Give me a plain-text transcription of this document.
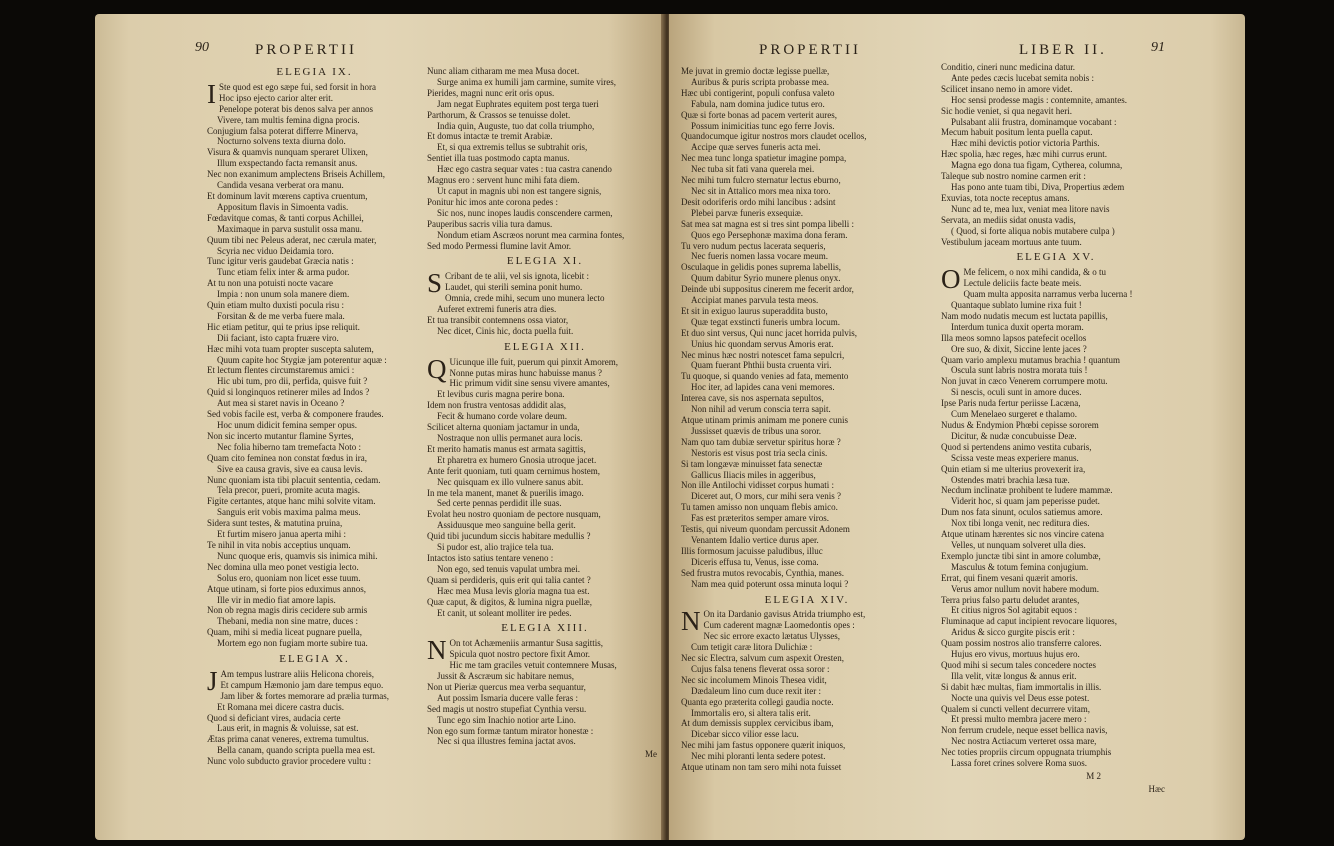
90	PROPERTII
ELEGIA IX.
I Ste quod est ego sæpe fui, sed forsit in hora
Hoc ipso ejecto carior alter erit.
Penelope poterat bis denos salva per annos
Vivere, tam multis femina digna procis.
Conjugium falsa poterat differre Minerva,
Nocturno solvens texta diurna dolo.
Visura & quamvis nunquam speraret Ulixen,
Illum exspectando facta remansit anus.
Nec non exanimum amplectens Briseis Achillem,
Candida vesana verberat ora manu.
Et dominum lavit mœrens captiva cruentum,
Appositum flavis in Simoenta vadis.
Fœdavitque comas, & tanti corpus Achillei,
Maximaque in parva sustulit ossa manu.
Quum tibi nec Peleus aderat, nec cærula mater,
Scyria nec viduo Deidamia toro.
Tunc igitur veris gaudebat Græcia natis :
Tunc etiam felix inter & arma pudor.
At tu non una potuisti nocte vacare
Impia : non unum sola manere diem.
Quin etiam multo duxisti pocula risu :
Forsitan & de me verba fuere mala.
Hic etiam petitur, qui te prius ipse reliquit.
Dii faciant, isto capta fruære viro.
Hæc mihi vota tuam propter suscepta salutem,
Quum capite hoc Stygiæ jam poterentur aquæ :
Et lectum flentes circumstaremus amici :
Hic ubi tum, pro dii, perfida, quisve fuit ?
Quid si longinquos retinerer miles ad Indos ?
Aut mea si staret navis in Oceano ?
Sed vobis facile est, verba & componere fraudes.
Hoc unum didicit femina semper opus.
Non sic incerto mutantur flamine Syrtes,
Nec folia hiberno tam tremefacta Noto :
Quam cito feminea non constat fœdus in ira,
Sive ea causa gravis, sive ea causa levis.
Nunc quoniam ista tibi placuit sententia, cedam.
Tela precor, pueri, promite acuta magis.
Figite certantes, atque hanc mihi solvite vitam.
Sanguis erit vobis maxima palma meus.
Sidera sunt testes, & matutina pruina,
Et furtim misero janua aperta mihi :
Te nihil in vita nobis acceptius unquam.
Nunc quoque eris, quamvis sis inimica mihi.
Nec domina ulla meo ponet vestigia lecto.
Solus ero, quoniam non licet esse tuum.
Atque utinam, si forte pios eduximus annos,
Ille vir in medio fiat amore lapis.
Non ob regna magis diris cecidere sub armis
Thebani, media non sine matre, duces :
Quam, mihi si media liceat pugnare puella,
Mortem ego non fugiam morte subire tua.
ELEGIA X.
J Am tempus lustrare aliis Helicona choreis,
Et campum Hæmonio jam dare tempus equo.
Jam liber & fortes memorare ad prælia turmas,
Et Romana mei dicere castra ducis.
Quod si deficiant vires, audacia certe
Laus erit, in magnis & voluisse, sat est.
Ætas prima canat veneres, extrema tumultus.
Bella canam, quando scripta puella mea est.
Nunc volo subducto gravior procedere vultu :
Nunc aliam citharam me mea Musa docet.
Surge anima ex humili jam carmine, sumite vires,
Pierides, magni nunc erit oris opus.
Jam negat Euphrates equitem post terga tueri
Parthorum, & Crassos se tenuisse dolet.
India quin, Auguste, tuo dat colla triumpho,
Et domus intactæ te tremit Arabiæ.
Et, si qua extremis tellus se subtrahit oris,
Sentiet illa tuas postmodo capta manus.
Hæc ego castra sequar vates : tua castra canendo
Magnus ero : servent hunc mihi fata diem.
Ut caput in magnis ubi non est tangere signis,
Ponitur hic imos ante corona pedes :
Sic nos, nunc inopes laudis conscendere carmen,
Pauperibus sacris vilia tura damus.
Nondum etiam Ascræos norunt mea carmina fontes,
Sed modo Permessi flumine lavit Amor.
ELEGIA XI.
S Cribant de te alii, vel sis ignota, licebit :
Laudet, qui sterili semina ponit humo.
Omnia, crede mihi, secum uno munera lecto
Auferet extremi funeris atra dies.
Et tua transibit contemnens ossa viator,
Nec dicet, Cinis hic, docta puella fuit.
ELEGIA XII.
Q Uicunque ille fuit, puerum qui pinxit Amorem,
Nonne putas miras hunc habuisse manus ?
Hic primum vidit sine sensu vivere amantes,
Et levibus curis magna perire bona.
Idem non frustra ventosas addidit alas,
Fecit & humano corde volare deum.
Scilicet alterna quoniam jactamur in unda,
Nostraque non ullis permanet aura locis.
Et merito hamatis manus est armata sagittis,
Et pharetra ex humero Gnosia utroque jacet.
Ante ferit quoniam, tuti quam cernimus hostem,
Nec quisquam ex illo vulnere sanus abit.
In me tela manent, manet & puerilis imago.
Sed certe pennas perdidit ille suas.
Evolat heu nostro quoniam de pectore nusquam,
Assiduusque meo sanguine bella gerit.
Quid tibi jucundum siccis habitare medullis ?
Si pudor est, alio trajice tela tua.
Intactos isto satius tentare veneno :
Non ego, sed tenuis vapulat umbra mei.
Quam si perdideris, quis erit qui talia cantet ?
Hæc mea Musa levis gloria magna tua est.
Quæ caput, & digitos, & lumina nigra puellæ,
Et canit, ut soleant molliter ire pedes.
ELEGIA XIII.
N On tot Achæmeniis armantur Susa sagittis,
Spicula quot nostro pectore fixit Amor.
Hic me tam graciles vetuit contemnere Musas,
Jussit & Ascræum sic habitare nemus,
Non ut Pieriæ quercus mea verba sequantur,
Aut possim Ismaria ducere valle feras :
Sed magis ut nostro stupefiat Cynthia versu.
Tunc ego sim Inachio notior arte Lino.
Non ego sum formæ tantum mirator honestæ :
Nec si qua illustres femina jactat avos.
Me
PROPERTII	LIBER II.	91
Me juvat in gremio doctæ legisse puellæ,
Auribus & puris scripta probasse mea.
Hæc ubi contigerint, populi confusa valeto
Fabula, nam domina judice tutus ero.
Quæ si forte bonas ad pacem verterit aures,
Possum inimicitias tunc ego ferre Jovis.
Quandocumque igitur nostros mors claudet ocellos,
Accipe quæ serves funeris acta mei.
Nec mea tunc longa spatietur imagine pompa,
Nec tuba sit fati vana querela mei.
Nec mihi tum fulcro sternatur lectus eburno,
Nec sit in Attalico mors mea nixa toro.
Desit odoriferis ordo mihi lancibus : adsint
Plebei parvæ funeris exsequiæ.
Sat mea sat magna est si tres sint pompa libelli :
Quos ego Persephonæ maxima dona feram.
Tu vero nudum pectus lacerata sequeris,
Nec fueris nomen lassa vocare meum.
Osculaque in gelidis pones suprema labellis,
Quum dabitur Syrio munere plenus onyx.
Deinde ubi suppositus cinerem me fecerit ardor,
Accipiat manes parvula testa meos.
Et sit in exiguo laurus superaddita busto,
Quæ tegat exstincti funeris umbra locum.
Et duo sint versus, Qui nunc jacet horrida pulvis,
Unius hic quondam servus Amoris erat.
Nec minus hæc nostri notescet fama sepulcri,
Quam fuerant Phthii busta cruenta viri.
Tu quoque, si quando venies ad fata, memento
Hoc iter, ad lapides cana veni memores.
Interea cave, sis nos aspernata sepultos,
Non nihil ad verum conscia terra sapit.
Atque utinam primis animam me ponere cunis
Jussisset quævis de tribus una soror.
Nam quo tam dubiæ servetur spiritus horæ ?
Nestoris est visus post tria secla cinis.
Si tam longævæ minuisset fata senectæ
Gallicus Iliacis miles in aggeribus,
Non ille Antilochi vidisset corpus humati :
Diceret aut, O mors, cur mihi sera venis ?
Tu tamen amisso non unquam flebis amico.
Fas est præteritos semper amare viros.
Testis, qui niveum quondam percussit Adonem
Venantem Idalio vertice durus aper.
Illis formosum jacuisse paludibus, illuc
Diceris effusa tu, Venus, isse coma.
Sed frustra mutos revocabis, Cynthia, manes.
Nam mea quid poterunt ossa minuta loqui ?
ELEGIA XIV.
N On ita Dardanio gavisus Atrida triumpho est,
Cum caderent magnæ Laomedontis opes :
Nec sic errore exacto lætatus Ulysses,
Cum tetigit caræ litora Dulichiæ :
Nec sic Electra, salvum cum aspexit Oresten,
Cujus falsa tenens fleverat ossa soror :
Nec sic incolumem Minois Thesea vidit,
Dædaleum lino cum duce rexit iter :
Quanta ego præterita collegi gaudia nocte.
Immortalis ero, si altera talis erit.
At dum demissis supplex cervicibus ibam,
Dicebar sicco vilior esse lacu.
Nec mihi jam fastus opponere quærit iniquos,
Nec mihi ploranti lenta sedere potest.
Atque utinam non tam sero mihi nota fuisset
Conditio, cineri nunc medicina datur.
Ante pedes cæcis lucebat semita nobis :
Scilicet insano nemo in amore videt.
Hoc sensi prodesse magis : contemnite, amantes.
Sic hodie veniet, si qua negavit heri.
Pulsabant alii frustra, dominamque vocabant :
Mecum habuit positum lenta puella caput.
Hæc mihi devictis potior victoria Parthis.
Hæc spolia, hæc reges, hæc mihi currus erunt.
Magna ego dona tua figam, Cytherea, columna,
Taleque sub nostro nomine carmen erit :
Has pono ante tuam tibi, Diva, Propertius ædem
Exuvias, tota nocte receptus amans.
Nunc ad te, mea lux, veniat mea litore navis
Servata, an mediis sidat onusta vadis,
( Quod, si forte aliqua nobis mutabere culpa )
Vestibulum jaceam mortuus ante tuum.
ELEGIA XV.
O Me felicem, o nox mihi candida, & o tu
Lectule deliciis facte beate meis.
Quam multa apposita narramus verba lucerna !
Quantaque sublato lumine rixa fuit !
Nam modo nudatis mecum est luctata papillis,
Interdum tunica duxit operta moram.
Illa meos somno lapsos patefecit ocellos
Ore suo, & dixit, Siccine lente jaces ?
Quam vario amplexu mutamus brachia ! quantum
Oscula sunt labris nostra morata tuis !
Non juvat in cæco Venerem corrumpere motu.
Si nescis, oculi sunt in amore duces.
Ipse Paris nuda fertur periisse Lacæna,
Cum Menelaeo surgeret e thalamo.
Nudus & Endymion Phœbi cepisse sororem
Dicitur, & nudæ concubuisse Deæ.
Quod si pertendens animo vestita cubaris,
Scissa veste meas experiere manus.
Quin etiam si me ulterius provexerit ira,
Ostendes matri brachia læsa tuæ.
Necdum inclinatæ prohibent te ludere mammæ.
Viderit hoc, si quam jam peperisse pudet.
Dum nos fata sinunt, oculos satiemus amore.
Nox tibi longa venit, nec reditura dies.
Atque utinam hærentes sic nos vincire catena
Velles, ut nunquam solveret ulla dies.
Exemplo junctæ tibi sint in amore columbæ,
Masculus & totum femina conjugium.
Errat, qui finem vesani quærit amoris.
Verus amor nullum novit habere modum.
Terra prius falso partu deludet arantes,
Et citius nigros Sol agitabit equos :
Fluminaque ad caput incipient revocare liquores,
Aridus & sicco gurgite piscis erit :
Quam possim nostros alio transferre calores.
Hujus ero vivus, mortuus hujus ero.
Quod mihi si secum tales concedere noctes
Illa velit, vitæ longus & annus erit.
Si dabit hæc multas, fiam immortalis in illis.
Nocte una quivis vel Deus esse potest.
Qualem si cuncti vellent decurrere vitam,
Et pressi multo membra jacere mero :
Non ferrum crudele, neque esset bellica navis,
Nec nostra Actiacum verteret ossa mare,
Nec toties propriis circum oppugnata triumphis
Lassa foret crines solvere Roma suos.
M 2
Hæc
